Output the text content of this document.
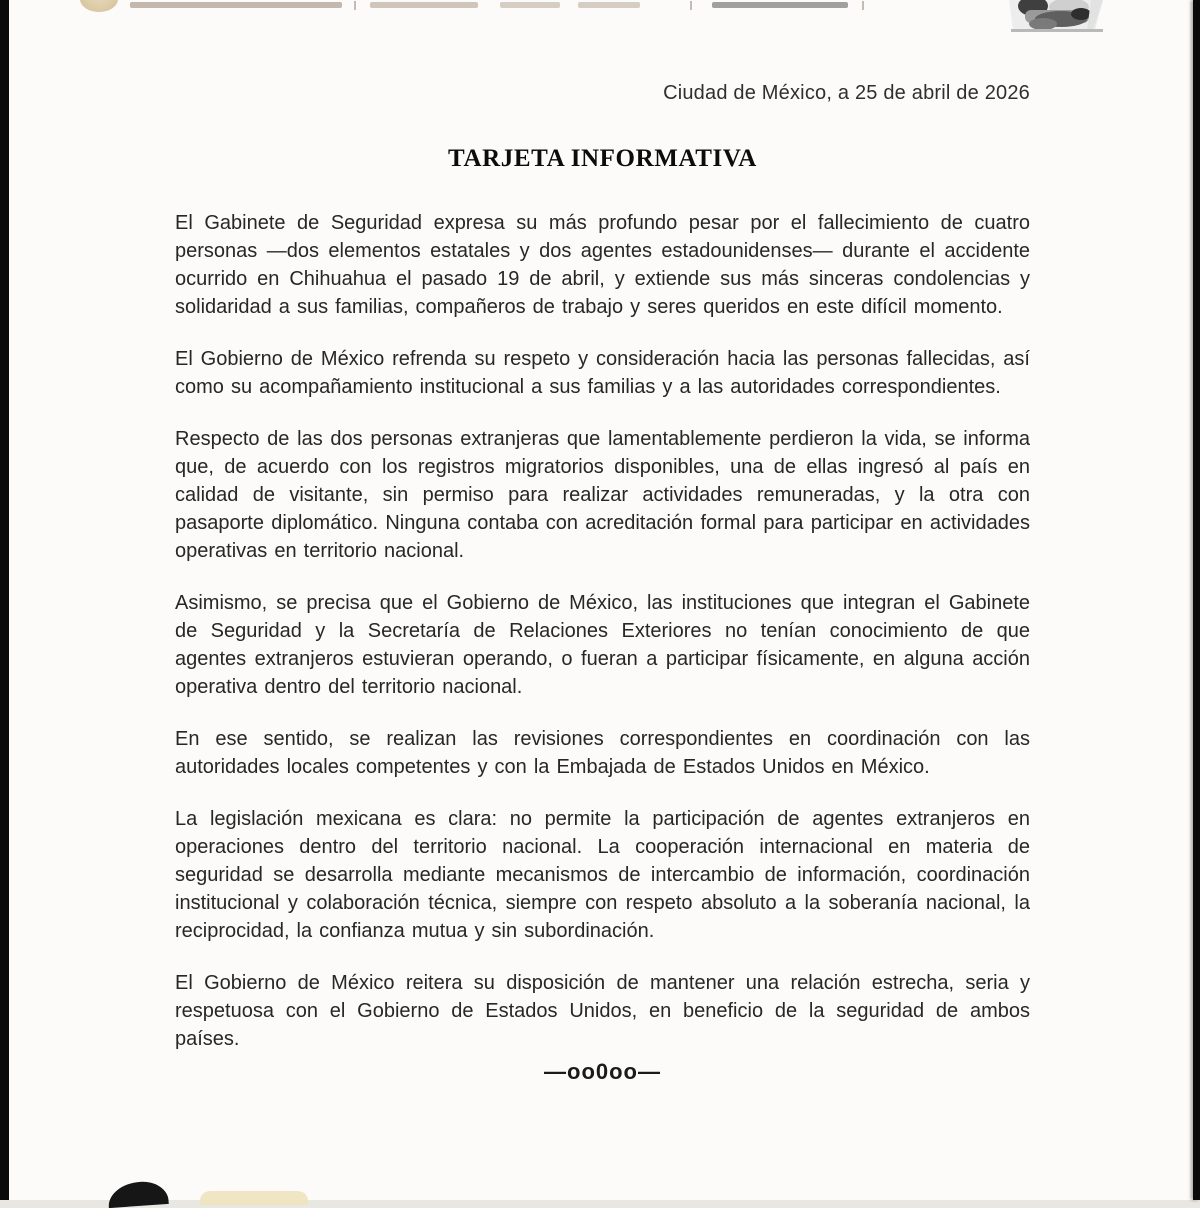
Ciudad de México, a 25 de abril de 2026
TARJETA INFORMATIVA

El Gabinete de Seguridad expresa su más profundo pesar por el fallecimiento de cuatro personas —dos elementos estatales y dos agentes estadounidenses— durante el accidente ocurrido en Chihuahua el pasado 19 de abril, y extiende sus más sinceras condolencias y solidaridad a sus familias, compañeros de trabajo y seres queridos en este difícil momento.

El Gobierno de México refrenda su respeto y consideración hacia las personas fallecidas, así como su acompañamiento institucional a sus familias y a las autoridades correspondientes.

Respecto de las dos personas extranjeras que lamentablemente perdieron la vida, se informa que, de acuerdo con los registros migratorios disponibles, una de ellas ingresó al país en calidad de visitante, sin permiso para realizar actividades remuneradas, y la otra con pasaporte diplomático. Ninguna contaba con acreditación formal para participar en actividades operativas en territorio nacional.

Asimismo, se precisa que el Gobierno de México, las instituciones que integran el Gabinete de Seguridad y la Secretaría de Relaciones Exteriores no tenían conocimiento de que agentes extranjeros estuvieran operando, o fueran a participar físicamente, en alguna acción operativa dentro del territorio nacional.

En ese sentido, se realizan las revisiones correspondientes en coordinación con las autoridades locales competentes y con la Embajada de Estados Unidos en México.

La legislación mexicana es clara: no permite la participación de agentes extranjeros en operaciones dentro del territorio nacional. La cooperación internacional en materia de seguridad se desarrolla mediante mecanismos de intercambio de información, coordinación institucional y colaboración técnica, siempre con respeto absoluto a la soberanía nacional, la reciprocidad, la confianza mutua y sin subordinación.

El Gobierno de México reitera su disposición de mantener una relación estrecha, seria y respetuosa con el Gobierno de Estados Unidos, en beneficio de la seguridad de ambos países.

—oo0oo—
